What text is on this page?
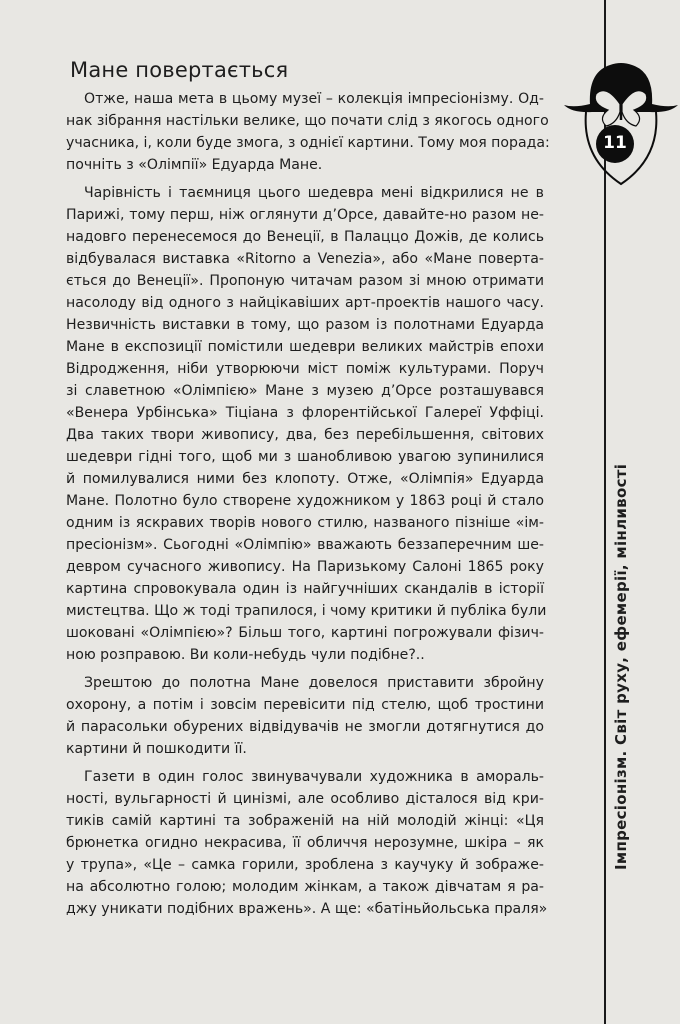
Мане повертається
Отже, наша мета в цьому музеї – колекція імпресіонізму. Од-
нак зібрання настільки велике, що почати слід з якогось одного
учасника, і, коли буде змога, з однієї картини. Тому моя порада:
почніть з «Олімпії» Едуарда Мане.
Чарівність і таємниця цього шедевра мені відкрилися не в
Парижі, тому перш, ніж оглянути д’Орсе, давайте-но разом не-
надовго перенесемося до Венеції, в Палаццо Дожів, де колись
відбувалася виставка «Ritorno a Venezia», або «Мане поверта-
ється до Венеції». Пропоную читачам разом зі мною отримати
насолоду від одного з найцікавіших арт-проектів нашого часу.
Незвичність виставки в тому, що разом із полотнами Едуарда
Мане в експозиції помістили шедеври великих майстрів епохи
Відродження, ніби утворюючи міст поміж культурами. Поруч
зі славетною «Олімпією» Мане з музею д’Орсе розташувався
«Венера Урбінська» Тіціана з флорентійської Галереї Уффіці.
Два таких твори живопису, два, без перебільшення, світових
шедеври гідні того, щоб ми з шанобливою увагою зупинилися
й помилувалися ними без клопоту. Отже, «Олімпія» Едуарда
Мане. Полотно було створене художником у 1863 році й стало
одним із яскравих творів нового стилю, названого пізніше «ім-
пресіонізм». Сьогодні «Олімпію» вважають беззаперечним ше-
девром сучасного живопису. На Паризькому Салоні 1865 року
картина спровокувала один із найгучніших скандалів в історії
мистецтва. Що ж тоді трапилося, і чому критики й публіка були
шоковані «Олімпією»? Більш того, картині погрожували фізич-
ною розправою. Ви коли-небудь чули подібне?..
Зрештою до полотна Мане довелося приставити збройну
охорону, а потім і зовсім перевісити під стелю, щоб тростини
й парасольки обурених відвідувачів не змогли дотягнутися до
картини й пошкодити її.
Газети в один голос звинувачували художника в амораль-
ності, вульгарності й цинізмі, але особливо дісталося від кри-
тиків самій картині та зображеній на ній молодій жінці: «Ця
брюнетка огидно некрасива, її обличчя нерозумне, шкіра – як
у трупа», «Це – самка горили, зроблена з каучуку й зображе-
на абсолютно голою; молодим жінкам, а також дівчатам я ра-
джу уникати подібних вражень». А ще: «батіньйольська праля»
Імпресіонізм. Світ руху, ефемерії, мінливості
11
